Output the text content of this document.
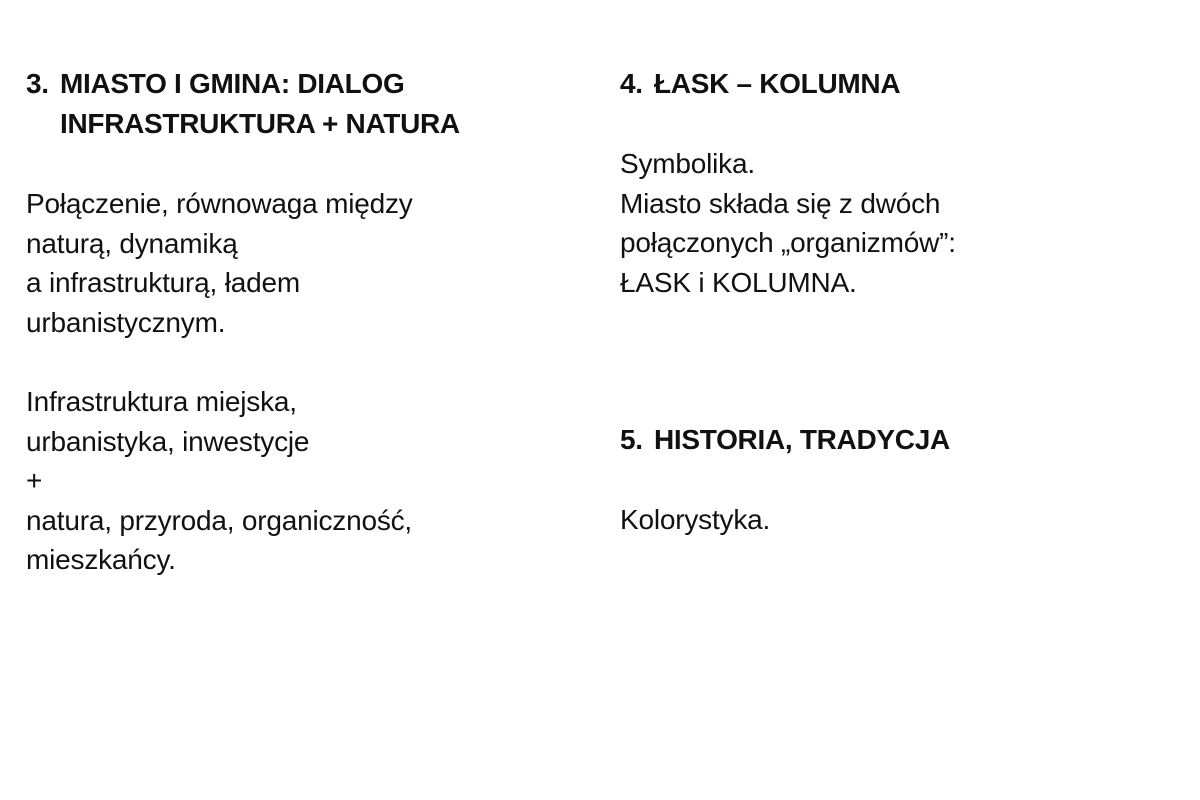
3. MIASTO I GMINA: DIALOG
INFRASTRUKTURA + NATURA

Połączenie, równowaga między
naturą, dynamiką
a infrastrukturą, ładem
urbanistycznym.

Infrastruktura miejska,
urbanistyka, inwestycje
+
natura, przyroda, organiczność,
mieszkańcy.

4. ŁASK – KOLUMNA

Symbolika.
Miasto składa się z dwóch
połączonych „organizmów”:
ŁASK i KOLUMNA.

5. HISTORIA, TRADYCJA

Kolorystyka.
